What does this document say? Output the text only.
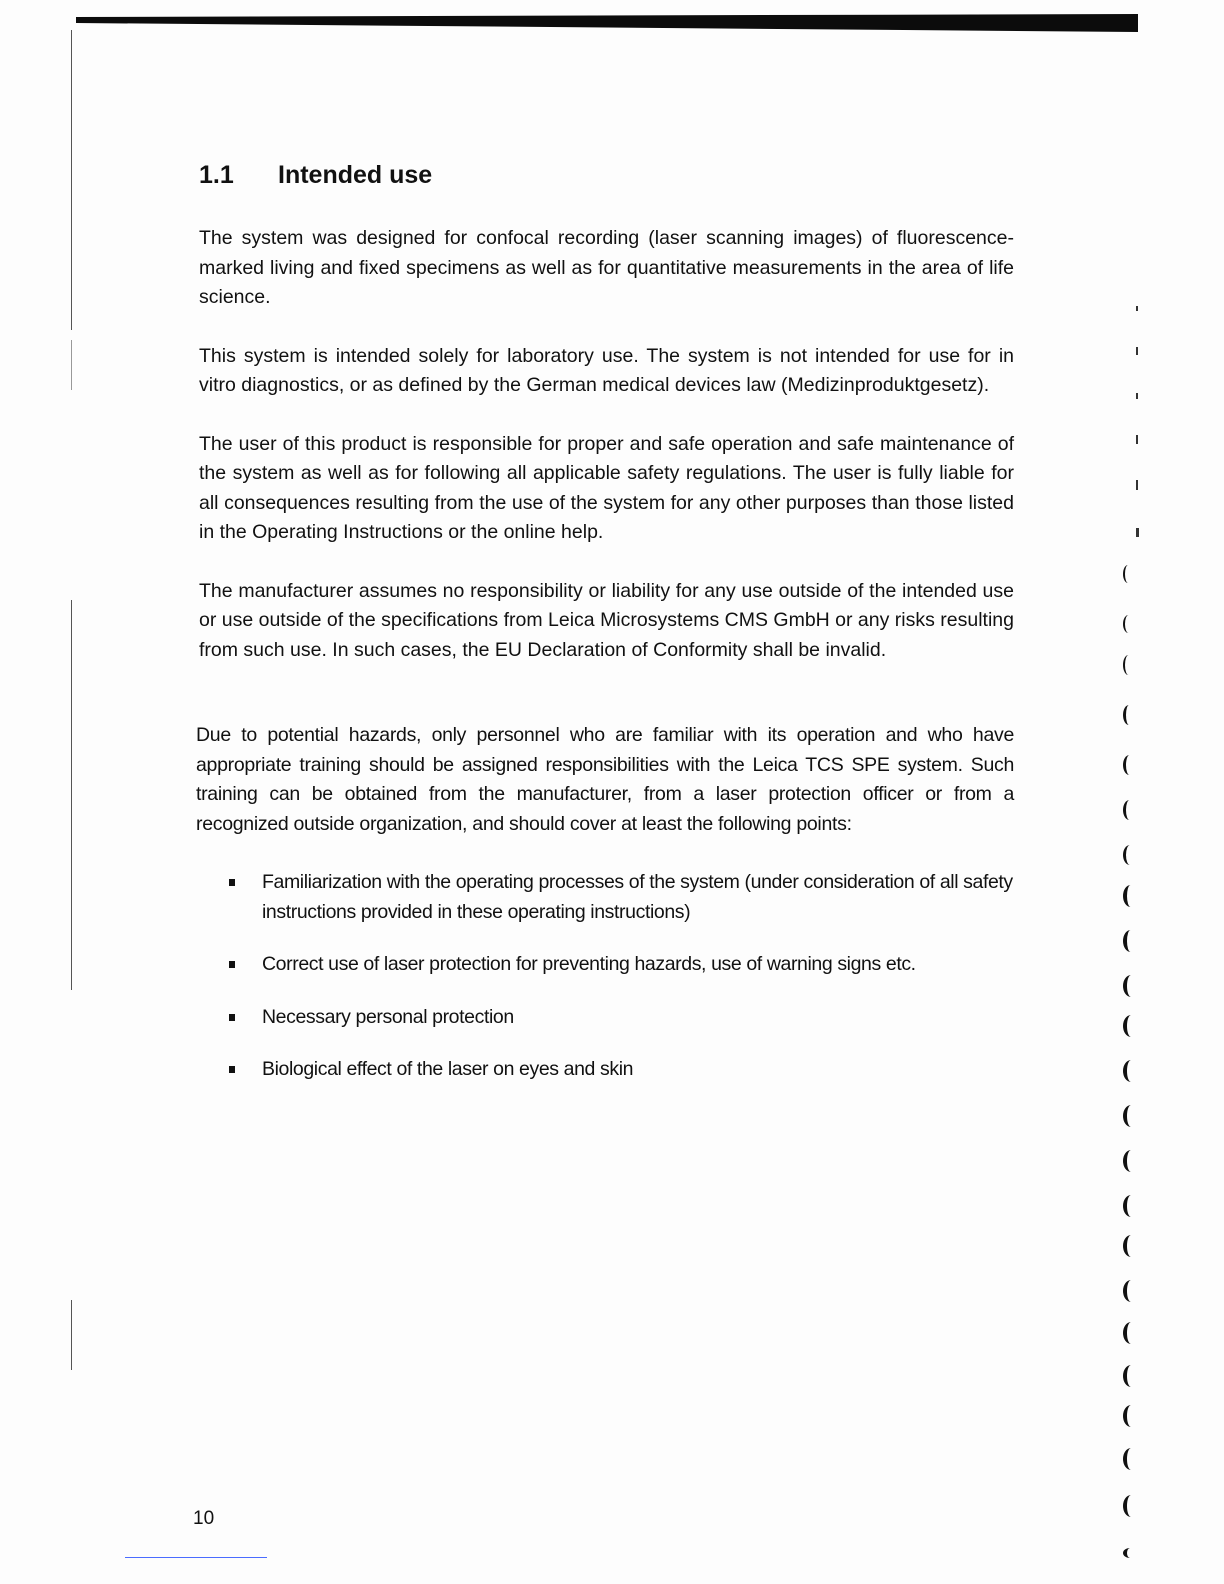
1.1 Intended use

The system was designed for confocal recording (laser scanning images) of fluorescence-marked living and fixed specimens as well as for quantitative measurements in the area of life science.

This system is intended solely for laboratory use. The system is not intended for use for in vitro diagnostics, or as defined by the German medical devices law (Medizinproduktgesetz).

The user of this product is responsible for proper and safe operation and safe maintenance of the system as well as for following all applicable safety regulations. The user is fully liable for all consequences resulting from the use of the system for any other purposes than those listed in the Operating Instructions or the online help.

The manufacturer assumes no responsibility or liability for any use outside of the intended use or use outside of the specifications from Leica Microsystems CMS GmbH or any risks resulting from such use. In such cases, the EU Declaration of Conformity shall be invalid.

Due to potential hazards, only personnel who are familiar with its operation and who have appropriate training should be assigned responsibilities with the Leica TCS SPE system. Such training can be obtained from the manufacturer, from a laser protection officer or from a recognized outside organization, and should cover at least the following points:

Familiarization with the operating processes of the system (under consideration of all safety instructions provided in these operating instructions)
Correct use of laser protection for preventing hazards, use of warning signs etc.
Necessary personal protection
Biological effect of the laser on eyes and skin
10
